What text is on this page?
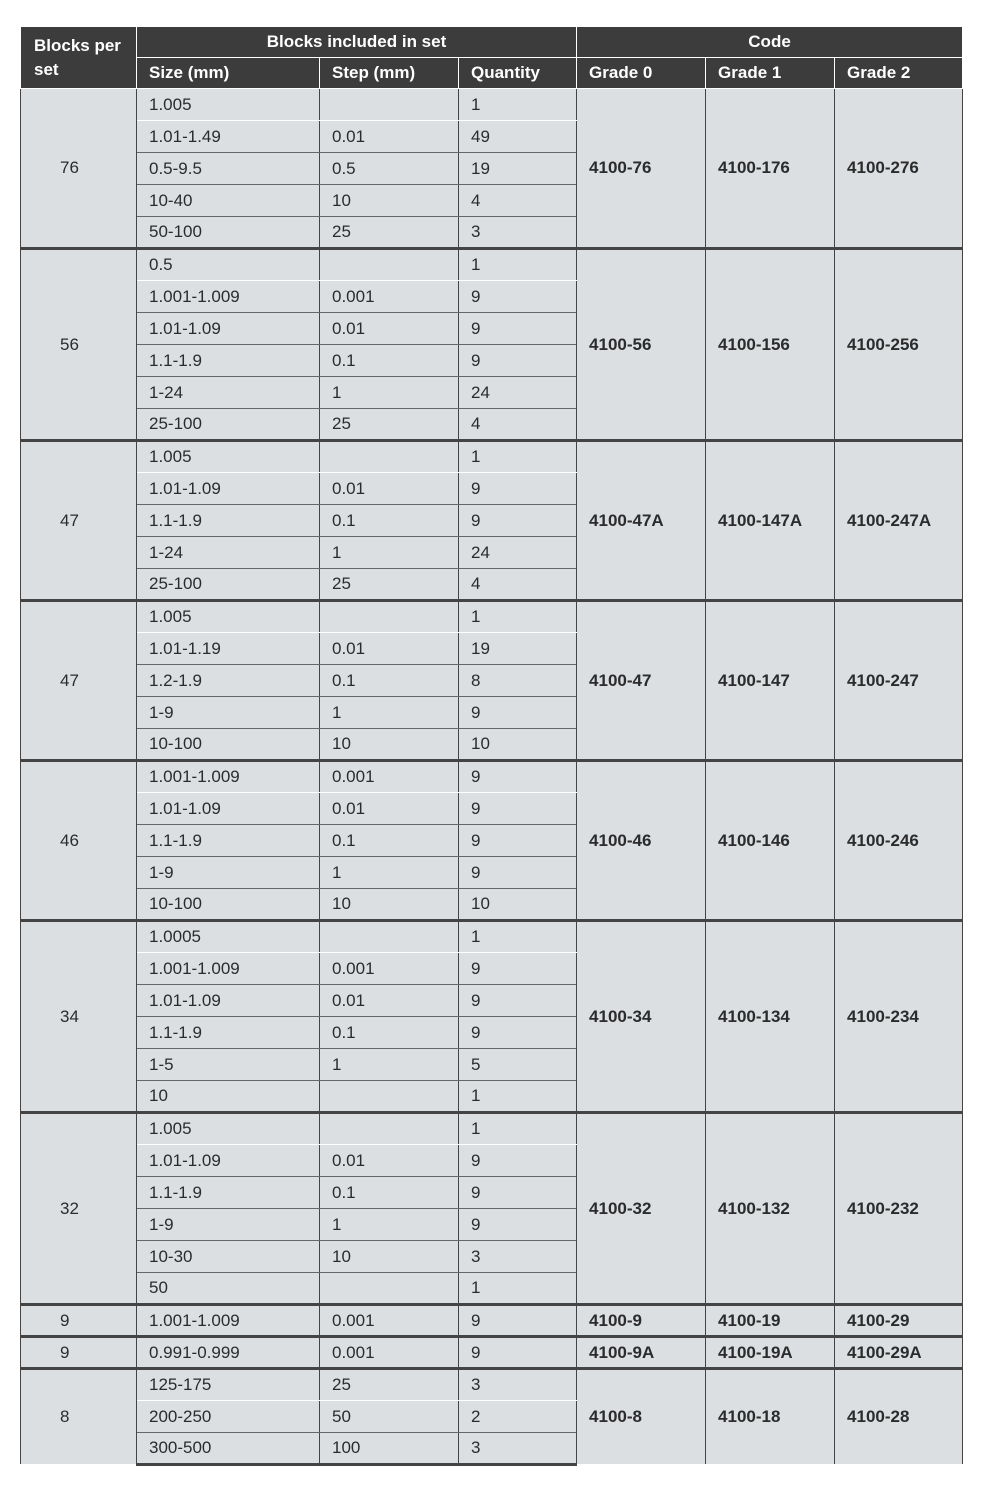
Blocks per set	Blocks included in set			Code		
	Size (mm)	Step (mm)	Quantity	Grade 0	Grade 1	Grade 2
76	1.005		1	4100-76	4100-176	4100-276
	1.01-1.49	0.01	49			
	0.5-9.5	0.5	19			
	10-40	10	4			
	50-100	25	3			
56	0.5		1	4100-56	4100-156	4100-256
	1.001-1.009	0.001	9			
	1.01-1.09	0.01	9			
	1.1-1.9	0.1	9			
	1-24	1	24			
	25-100	25	4			
47	1.005		1	4100-47A	4100-147A	4100-247A
	1.01-1.09	0.01	9			
	1.1-1.9	0.1	9			
	1-24	1	24			
	25-100	25	4			
47	1.005		1	4100-47	4100-147	4100-247
	1.01-1.19	0.01	19			
	1.2-1.9	0.1	8			
	1-9	1	9			
	10-100	10	10			
46	1.001-1.009	0.001	9	4100-46	4100-146	4100-246
	1.01-1.09	0.01	9			
	1.1-1.9	0.1	9			
	1-9	1	9			
	10-100	10	10			
34	1.0005		1	4100-34	4100-134	4100-234
	1.001-1.009	0.001	9			
	1.01-1.09	0.01	9			
	1.1-1.9	0.1	9			
	1-5	1	5			
	10		1			
32	1.005		1	4100-32	4100-132	4100-232
	1.01-1.09	0.01	9			
	1.1-1.9	0.1	9			
	1-9	1	9			
	10-30	10	3			
	50		1			
9	1.001-1.009	0.001	9	4100-9	4100-19	4100-29
9	0.991-0.999	0.001	9	4100-9A	4100-19A	4100-29A
8	125-175	25	3	4100-8	4100-18	4100-28
	200-250	50	2			
	300-500	100	3			
